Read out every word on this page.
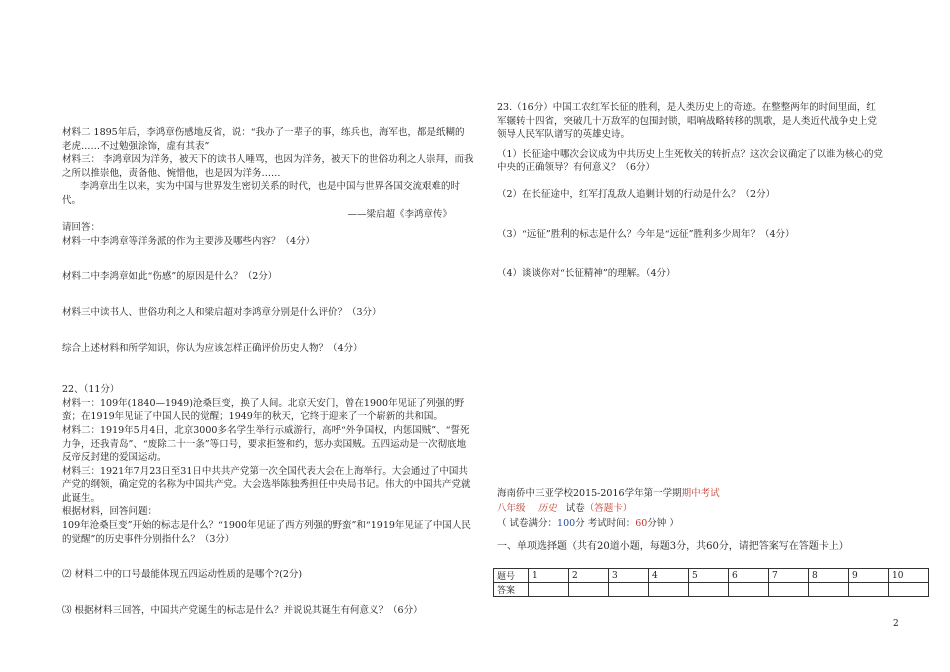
材料二 1895年后，李鸿章伤感地反省，说：“我办了一辈子的事，练兵也，海军也，都是纸糊的老虎……不过勉强涂饰，虚有其表”

材料三： 李鸿章因为洋务，被天下的读书人唾骂，也因为洋务，被天下的世俗功利之人崇拜，而我之所以推崇他，责备他、惋惜他，也是因为洋务……

李鸿章出生以来，实为中国与世界发生密切关系的时代，也是中国与世界各国交流艰难的时代。

——梁启超《李鸿章传》

请回答：

材料一中李鸿章等洋务派的作为主要涉及哪些内容？（4分）

材料二中李鸿章如此“伤感”的原因是什么？（2分）

材料三中读书人、世俗功利之人和梁启超对李鸿章分别是什么评价？（3分）

综合上述材料和所学知识，你认为应该怎样正确评价历史人物？（4分）

22、（11分）

材料一：109年(1840—1949)沧桑巨变，换了人间。北京天安门，曾在1900年见证了列强的野蛮；在1919年见证了中国人民的觉醒；1949年的秋天，它终于迎来了一个崭新的共和国。

材料二：1919年5月4日，北京3000多名学生举行示威游行，高呼“外争国权，内惩国贼”、“誓死力争，还我青岛”、“废除二十一条”等口号，要求拒签和约，惩办卖国贼。五四运动是一次彻底地反帝反封建的爱国运动。

材料三：1921年7月23日至31日中共共产党第一次全国代表大会在上海举行。大会通过了中国共产党的纲领，确定党的名称为中国共产党。大会选举陈独秀担任中央局书记。伟大的中国共产党就此诞生。

根据材料，回答问题：

109年沧桑巨变”开始的标志是什么？“1900年见证了西方列强的野蛮”和“1919年见证了中国人民的觉醒”的历史事件分别指什么？（3分）

⑵ 材料二中的口号最能体现五四运动性质的是哪个?(2分)

⑶ 根据材料三回答，中国共产党诞生的标志是什么？并说说其诞生有何意义？（6分）

23.（16分）中国工农红军长征的胜利，是人类历史上的奇迹。在整整两年的时间里面，红军辗转十四省，突破几十万敌军的包围封锁，唱响战略转移的凯歌，是人类近代战争史上党领导人民军队谱写的英雄史诗。

（1）长征途中哪次会议成为中共历史上生死攸关的转折点？这次会议确定了以谁为核心的党中央的正确领导？有何意义？（6分）

（2）在长征途中，红军打乱敌人追剿计划的行动是什么？（2分）

（3）“远征”胜利的标志是什么？今年是“远征”胜利多少周年？（4分）

（4）谈谈你对“长征精神”的理解。（4分）

海南侨中三亚学校2015-2016学年第一学期期中考试
八年级 历史 试卷（答题卡）
（ 试卷满分：100分 考试时间：60分钟 ）
一、单项选择题（共有20道小题，每题3分，共60分，请把答案写在答题卡上）
题号	1	2	3	4	5	6	7	8	9	10
答案										
2
